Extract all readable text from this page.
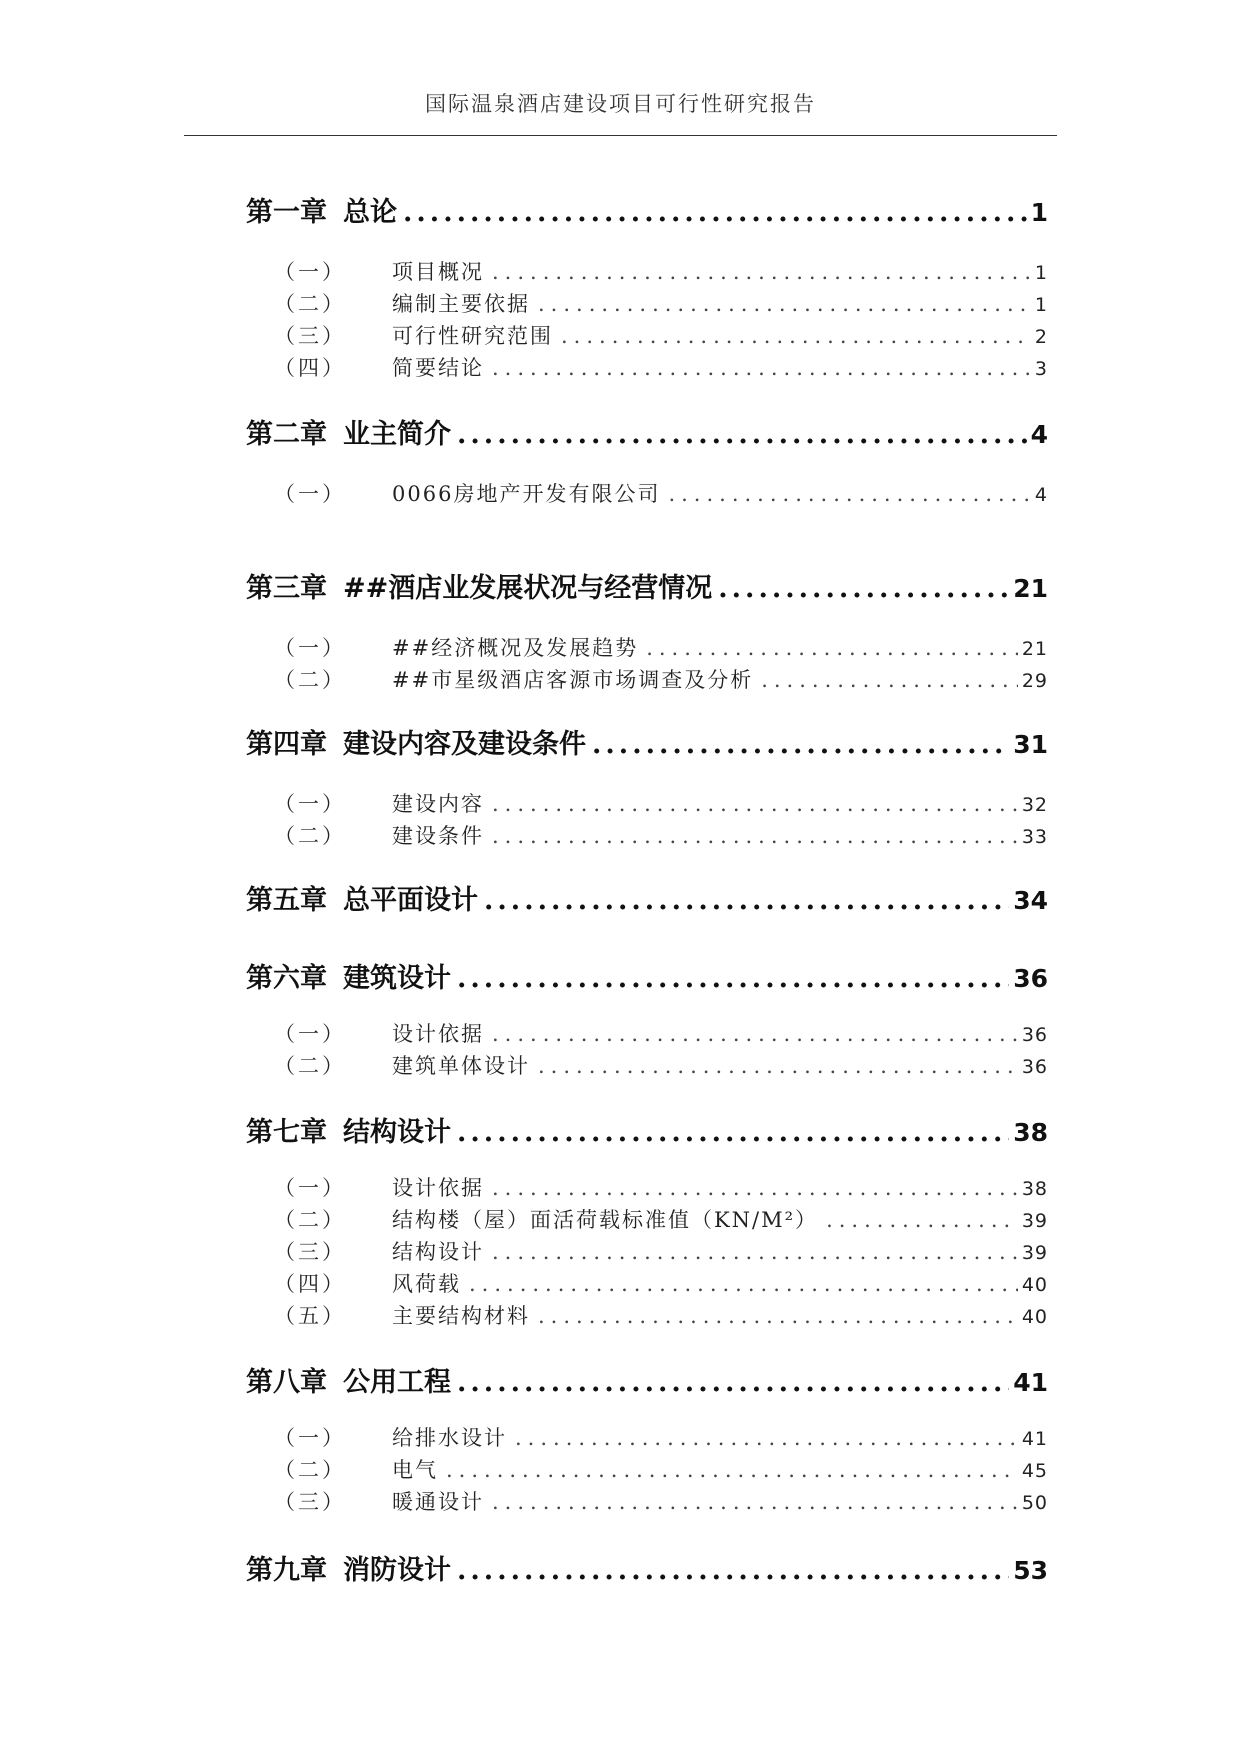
国际温泉酒店建设项目可行性研究报告
第一章 总论 .....	1
（一）	项目概况 .....	1
（二）	编制主要依据 .....	1
（三）	可行性研究范围 .....	2
（四）	简要结论 .....	3
第二章 业主简介 .....	4
（一）	0066房地产开发有限公司 .....	4
第三章 ##酒店业发展状况与经营情况 .....	21
（一）	##经济概况及发展趋势 .....	21
（二）	##市星级酒店客源市场调查及分析 .....	29
第四章 建设内容及建设条件 .....	31
（一）	建设内容 .....	32
（二）	建设条件 .....	33
第五章 总平面设计 .....	34
第六章 建筑设计 .....	36
（一）	设计依据 .....	36
（二）	建筑单体设计 .....	36
第七章 结构设计 .....	38
（一）	设计依据 .....	38
（二）	结构楼（屋）面活荷载标准值（KN/M²） .....	39
（三）	结构设计 .....	39
（四）	风荷载 .....	40
（五）	主要结构材料 .....	40
第八章 公用工程 .....	41
（一）	给排水设计 .....	41
（二）	电气 .....	45
（三）	暖通设计 .....	50
第九章 消防设计 .....	53
